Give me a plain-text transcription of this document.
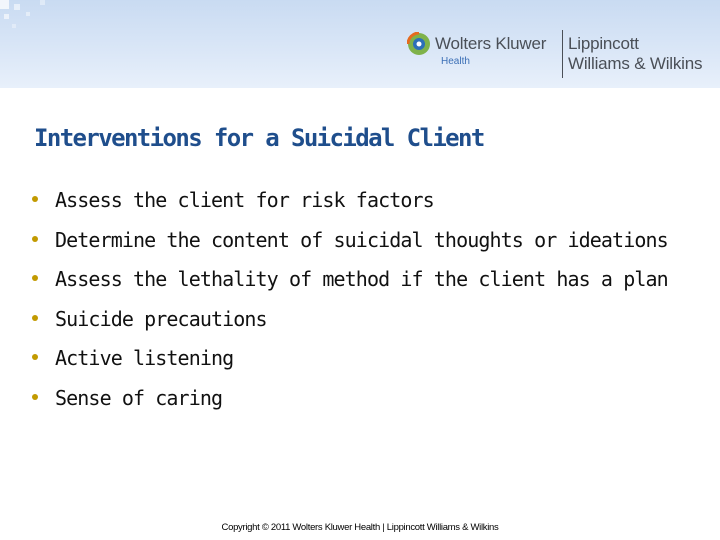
Wolters Kluwer
Health
Lippincott
Williams & Wilkins
Interventions for a Suicidal Client
Assess the client for risk factors
Determine the content of suicidal thoughts or ideations
Assess the lethality of method if the client has a plan
Suicide precautions
Active listening
Sense of caring
Copyright © 2011 Wolters Kluwer Health | Lippincott Williams & Wilkins
